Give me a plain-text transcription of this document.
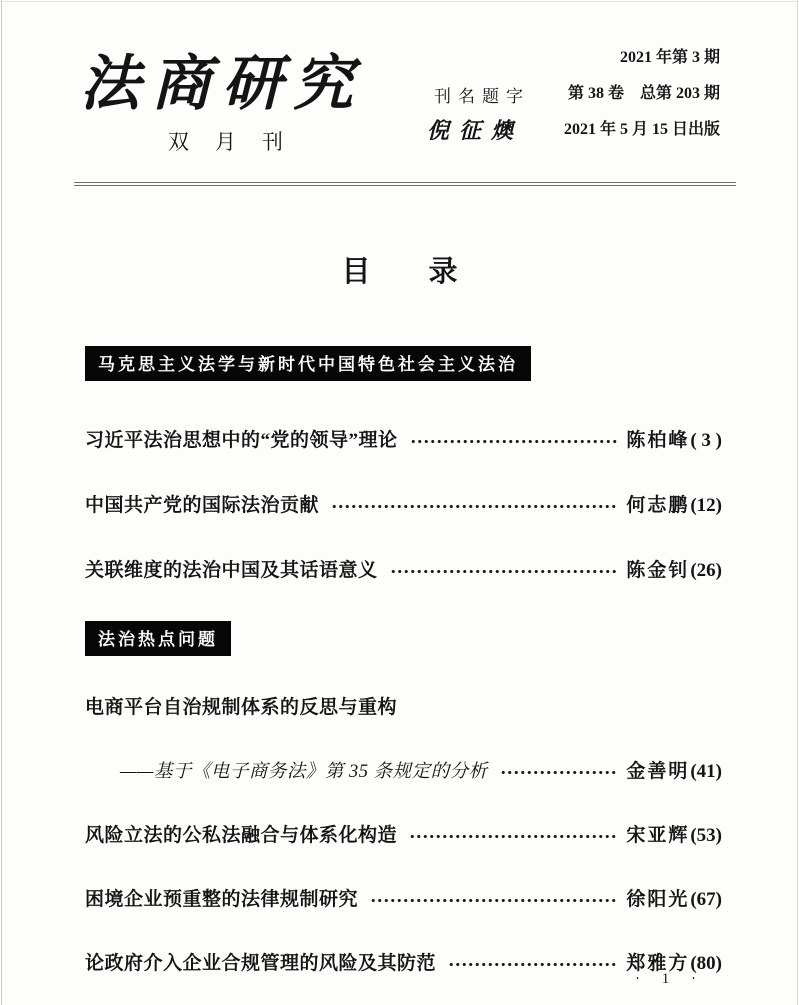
法商研究
双月刊
刊名题字
倪征燠
2021 年第 3 期
第 38 卷　总第 203 期
2021 年 5 月 15 日出版
目　　录
马克思主义法学与新时代中国特色社会主义法治
习近平法治思想中的“党的领导”理论	陈柏峰 ( 3 )
中国共产党的国际法治贡献	何志鹏 (12)
关联维度的法治中国及其话语意义	陈金钊 (26)
法治热点问题
电商平台自治规制体系的反思与重构
——基于《电子商务法》第 35 条规定的分析	金善明 (41)
风险立法的公私法融合与体系化构造	宋亚辉 (53)
困境企业预重整的法律规制研究	徐阳光 (67)
论政府介入企业合规管理的风险及其防范	郑雅方 (80)
· 1 ·
